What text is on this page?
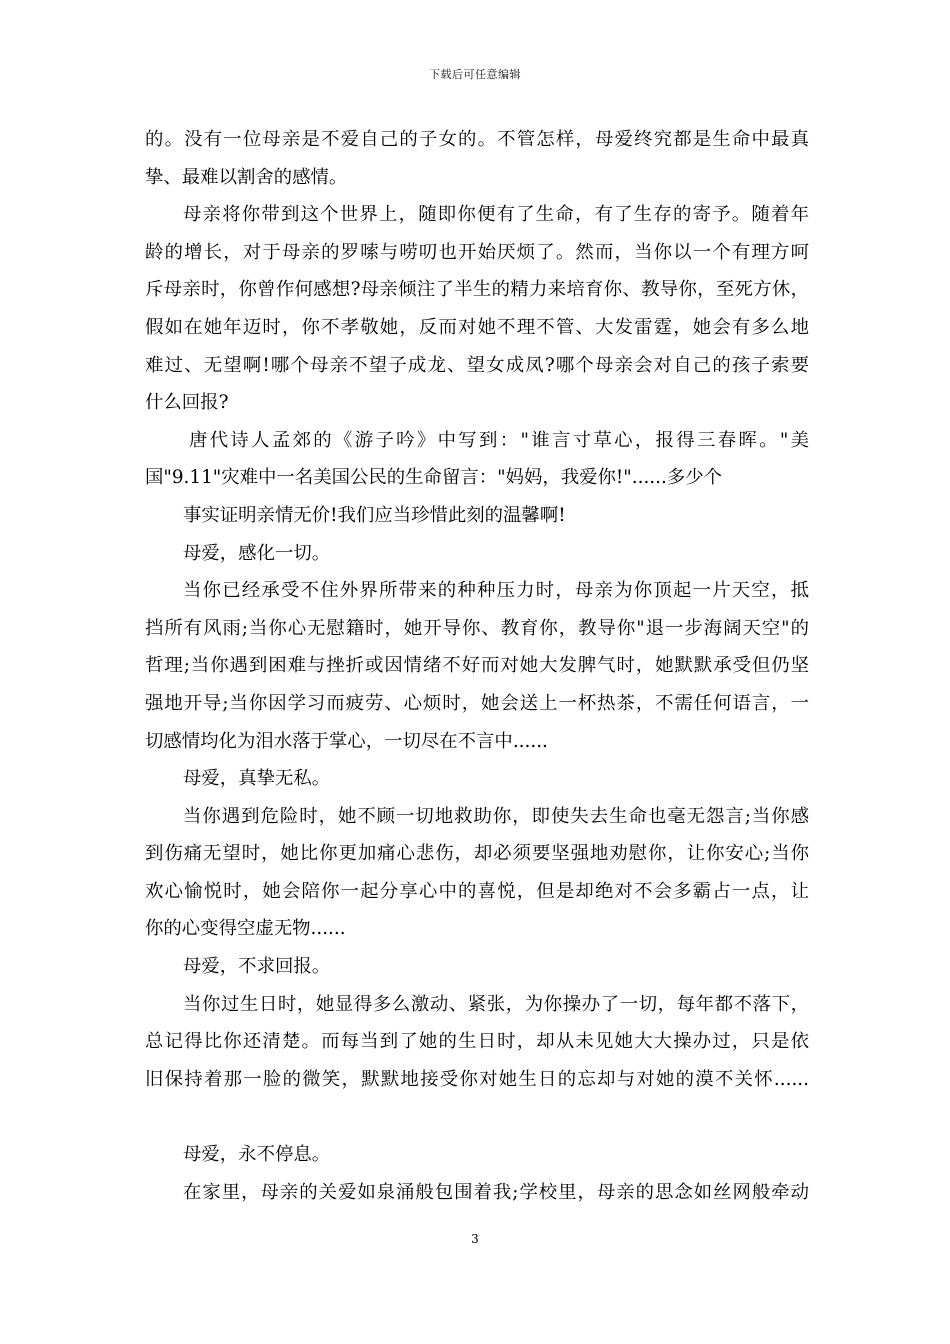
下载后可任意编辑
的。没有一位母亲是不爱自己的子女的。不管怎样，母爱终究都是生命中最真
挚、最难以割舍的感情。
母亲将你带到这个世界上，随即你便有了生命，有了生存的寄予。随着年
龄的增长，对于母亲的罗嗦与唠叨也开始厌烦了。然而，当你以一个有理方呵
斥母亲时，你曾作何感想?母亲倾注了半生的精力来培育你、教导你，至死方休，
假如在她年迈时，你不孝敬她，反而对她不理不管、大发雷霆，她会有多么地
难过、无望啊!哪个母亲不望子成龙、望女成凤?哪个母亲会对自己的孩子索要
什么回报?
唐代诗人孟郊的《游子吟》中写到："谁言寸草心，报得三春晖。"美
国"9.11"灾难中一名美国公民的生命留言："妈妈，我爱你!"......多少个
事实证明亲情无价!我们应当珍惜此刻的温馨啊!
母爱，感化一切。
当你已经承受不住外界所带来的种种压力时，母亲为你顶起一片天空，抵
挡所有风雨;当你心无慰籍时，她开导你、教育你，教导你"退一步海阔天空"的
哲理;当你遇到困难与挫折或因情绪不好而对她大发脾气时，她默默承受但仍坚
强地开导;当你因学习而疲劳、心烦时，她会送上一杯热茶，不需任何语言，一
切感情均化为泪水落于掌心，一切尽在不言中......
母爱，真挚无私。
当你遇到危险时，她不顾一切地救助你，即使失去生命也毫无怨言;当你感
到伤痛无望时，她比你更加痛心悲伤，却必须要坚强地劝慰你，让你安心;当你
欢心愉悦时，她会陪你一起分享心中的喜悦，但是却绝对不会多霸占一点，让
你的心变得空虚无物......
母爱，不求回报。
当你过生日时，她显得多么激动、紧张，为你操办了一切，每年都不落下，
总记得比你还清楚。而每当到了她的生日时，却从未见她大大操办过，只是依
旧保持着那一脸的微笑，默默地接受你对她生日的忘却与对她的漠不关怀......
母爱，永不停息。
在家里，母亲的关爱如泉涌般包围着我;学校里，母亲的思念如丝网般牵动
3
